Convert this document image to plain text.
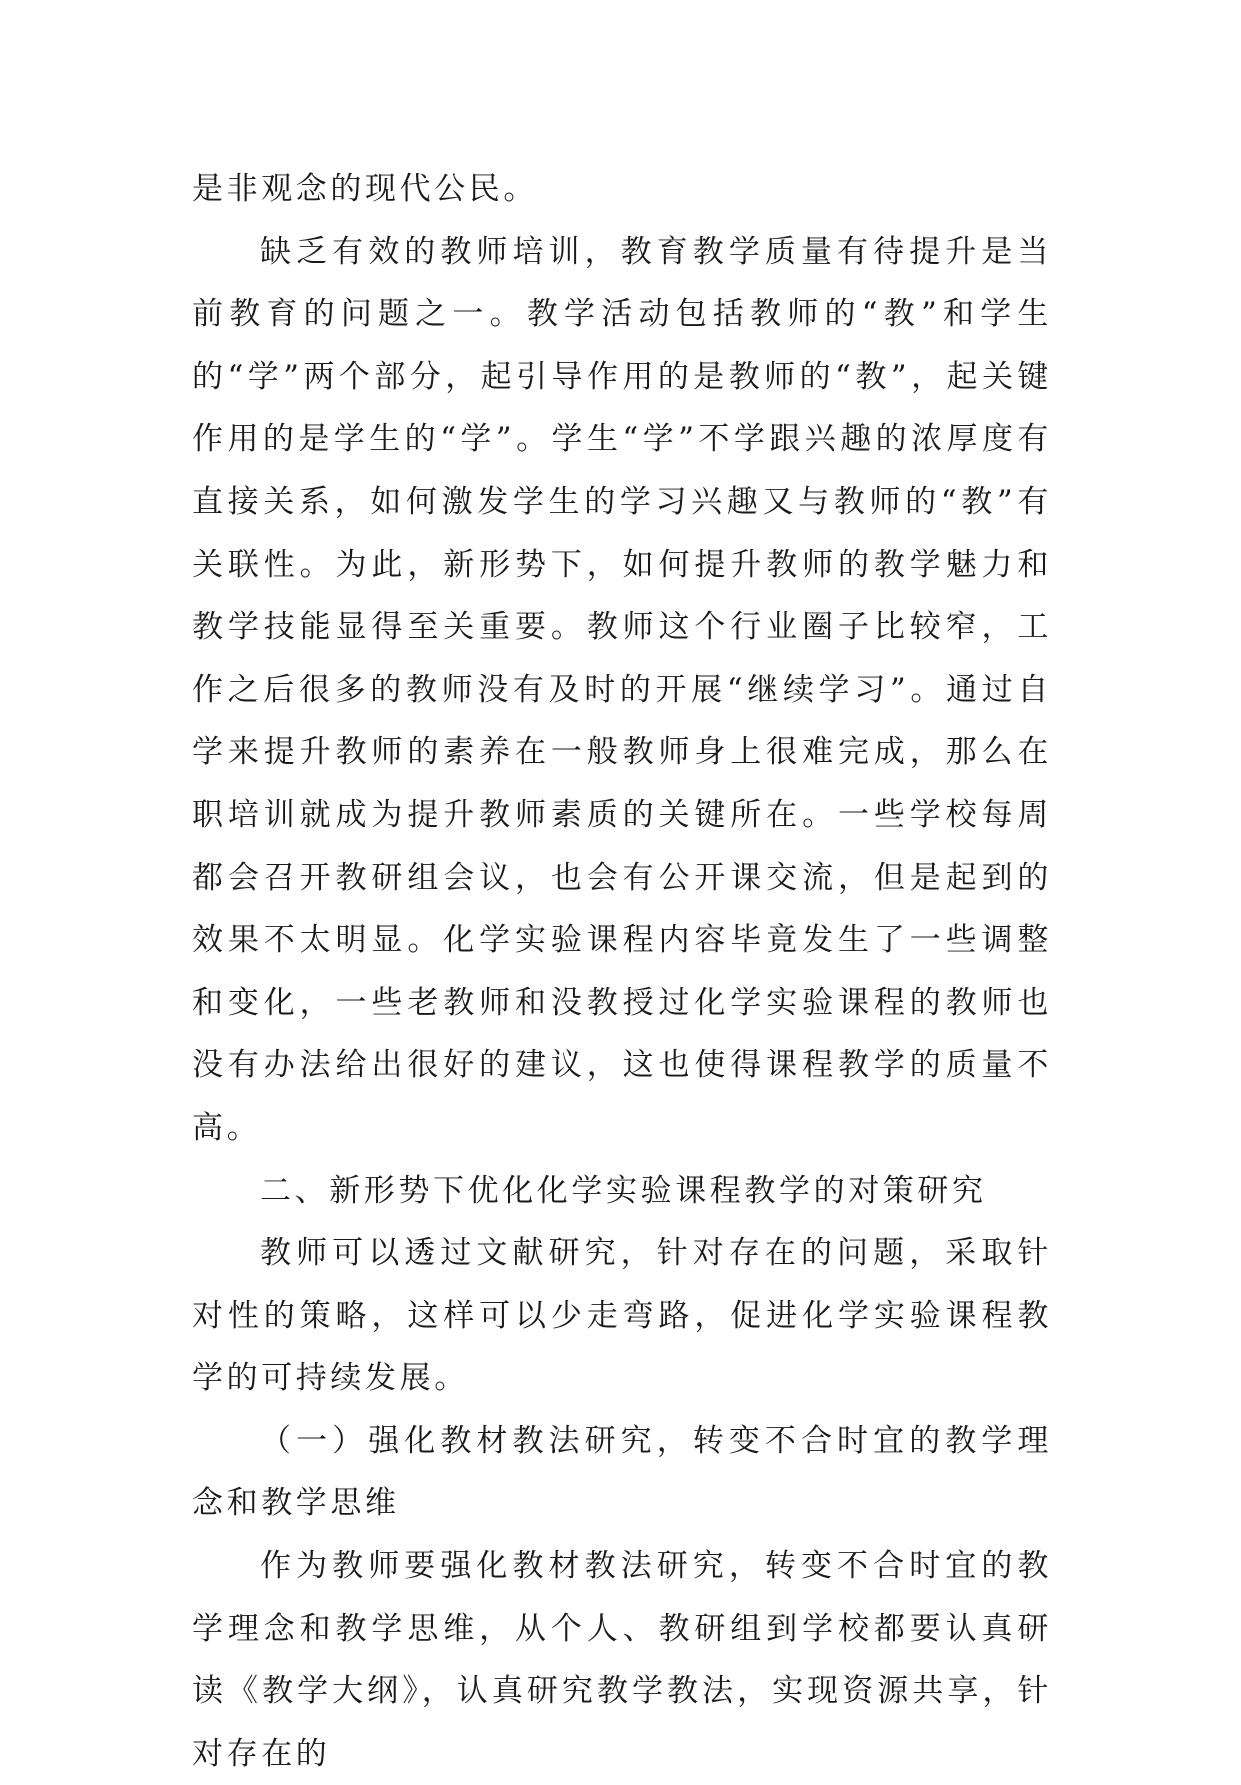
是非观念的现代公民。

缺乏有效的教师培训，教育教学质量有待提升是当前教育的问题之一。教学活动包括教师的“教”和学生的“学”两个部分，起引导作用的是教师的“教”，起关键作用的是学生的“学”。学生“学”不学跟兴趣的浓厚度有直接关系，如何激发学生的学习兴趣又与教师的“教”有关联性。为此，新形势下，如何提升教师的教学魅力和教学技能显得至关重要。教师这个行业圈子比较窄，工作之后很多的教师没有及时的开展“继续学习”。通过自学来提升教师的素养在一般教师身上很难完成，那么在职培训就成为提升教师素质的关键所在。一些学校每周都会召开教研组会议，也会有公开课交流，但是起到的效果不太明显。化学实验课程内容毕竟发生了一些调整和变化，一些老教师和没教授过化学实验课程的教师也没有办法给出很好的建议，这也使得课程教学的质量不高。

二、新形势下优化化学实验课程教学的对策研究

教师可以透过文献研究，针对存在的问题，采取针对性的策略，这样可以少走弯路，促进化学实验课程教学的可持续发展。

（一）强化教材教法研究，转变不合时宜的教学理念和教学思维

作为教师要强化教材教法研究，转变不合时宜的教学理念和教学思维，从个人、教研组到学校都要认真研读《教学大纲》，认真研究教学教法，实现资源共享，针对存在的
